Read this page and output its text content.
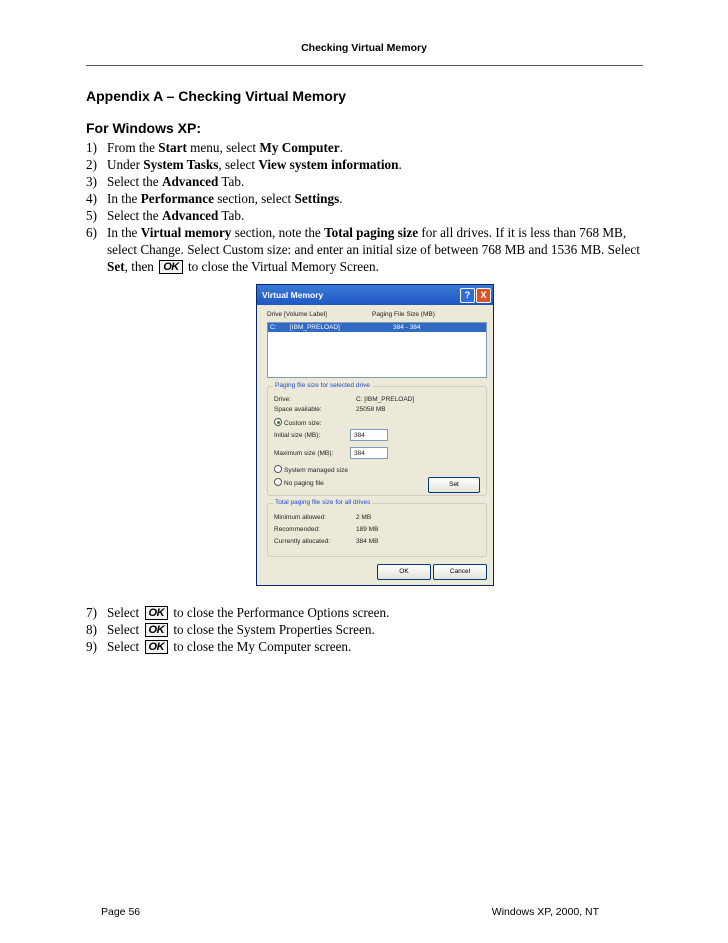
Checking Virtual Memory
Appendix A – Checking Virtual Memory
For Windows XP:
1) From the Start menu, select My Computer.
2) Under System Tasks, select View system information.
3) Select the Advanced Tab.
4) In the Performance section, select Settings.
5) Select the Advanced Tab.
6) In the Virtual memory section, note the Total paging size for all drives. If it is less than 768 MB, select Change. Select Custom size: and enter an initial size of between 768 MB and 1536 MB. Select Set, then OK to close the Virtual Memory Screen.
Virtual Memory	?	X
Drive [Volume Label]	Paging File Size (MB)
C: [IBM_PRELOAD]	384 - 384
Paging file size for selected drive
Drive:	C: [IBM_PRELOAD]
Space available:	25058 MB
Custom size:
Initial size (MB):	384
Maximum size (MB):	384
System managed size
No paging file	Set
Total paging file size for all drives
Minimum allowed:	2 MB
Recommended:	189 MB
Currently allocated:	384 MB
OK	Cancel
7) Select OK to close the Performance Options screen.
8) Select OK to close the System Properties Screen.
9) Select OK to close the My Computer screen.
Page 56	Windows XP, 2000, NT
